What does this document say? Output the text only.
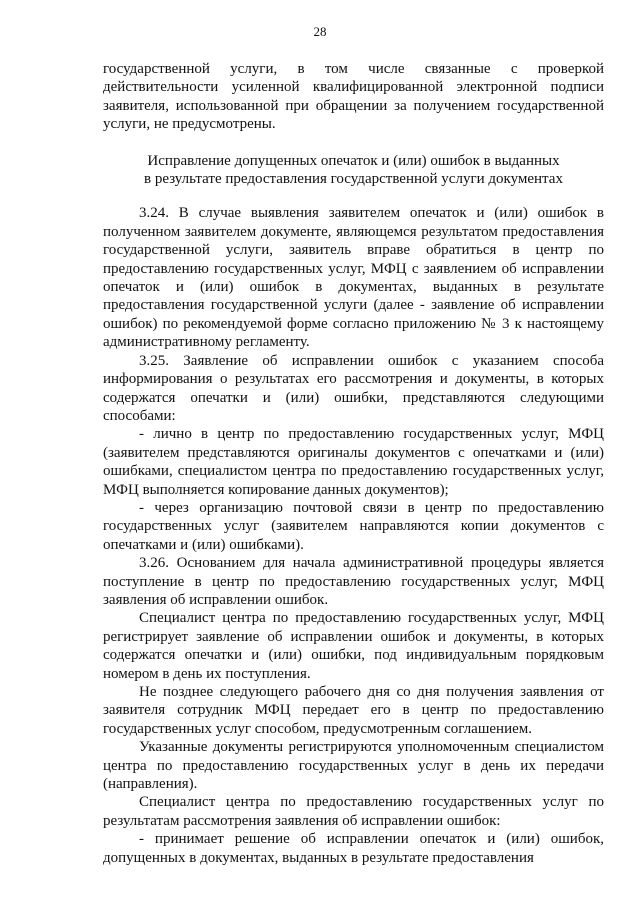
28

государственной услуги, в том числе связанные с проверкой действительности усиленной квалифицированной электронной подписи заявителя, использованной при обращении за получением государственной услуги, не предусмотрены.

Исправление допущенных опечаток и (или) ошибок в выданных
в результате предоставления государственной услуги документах

3.24. В случае выявления заявителем опечаток и (или) ошибок в полученном заявителем документе, являющемся результатом предоставления государственной услуги, заявитель вправе обратиться в центр по предоставлению государственных услуг, МФЦ с заявлением об исправлении опечаток и (или) ошибок в документах, выданных в результате предоставления государственной услуги (далее - заявление об исправлении ошибок) по рекомендуемой форме согласно приложению № 3 к настоящему административному регламенту.

3.25. Заявление об исправлении ошибок с указанием способа информирования о результатах его рассмотрения и документы, в которых содержатся опечатки и (или) ошибки, представляются следующими способами:

- лично в центр по предоставлению государственных услуг, МФЦ (заявителем представляются оригиналы документов с опечатками и (или) ошибками, специалистом центра по предоставлению государственных услуг, МФЦ выполняется копирование данных документов);

- через организацию почтовой связи в центр по предоставлению государственных услуг (заявителем направляются копии документов с опечатками и (или) ошибками).

3.26. Основанием для начала административной процедуры является поступление в центр по предоставлению государственных услуг, МФЦ заявления об исправлении ошибок.

Специалист центра по предоставлению государственных услуг, МФЦ регистрирует заявление об исправлении ошибок и документы, в которых содержатся опечатки и (или) ошибки, под индивидуальным порядковым номером в день их поступления.

Не позднее следующего рабочего дня со дня получения заявления от заявителя сотрудник МФЦ передает его в центр по предоставлению государственных услуг способом, предусмотренным соглашением.

Указанные документы регистрируются уполномоченным специалистом центра по предоставлению государственных услуг в день их передачи (направления).

Специалист центра по предоставлению государственных услуг по результатам рассмотрения заявления об исправлении ошибок:

- принимает решение об исправлении опечаток и (или) ошибок, допущенных в документах, выданных в результате предоставления
